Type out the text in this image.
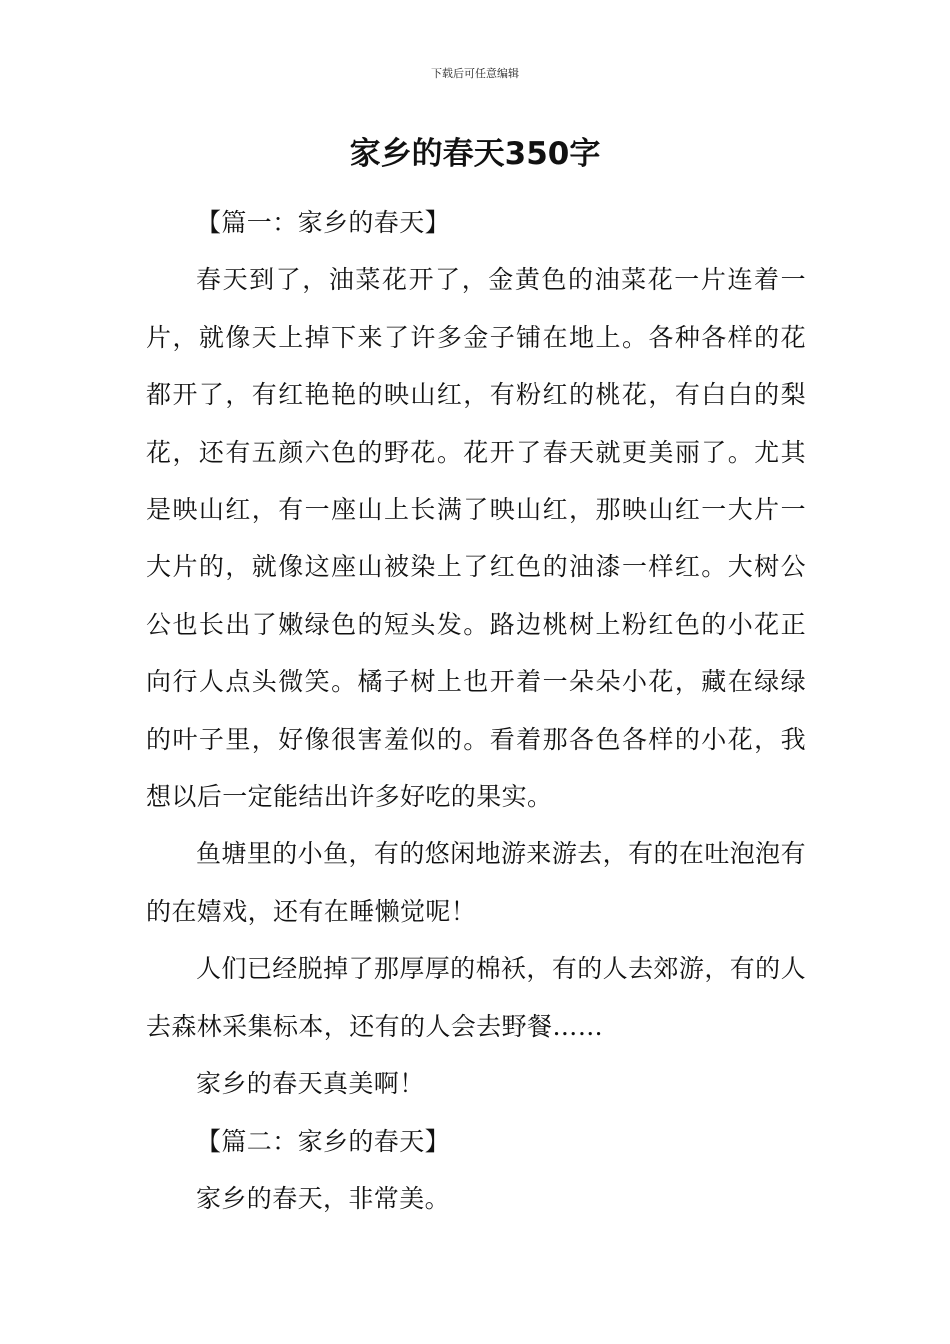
下载后可任意编辑
家乡的春天350字

【篇一：家乡的春天】

春天到了，油菜花开了，金黄色的油菜花一片连着一片，就像天上掉下来了许多金子铺在地上。各种各样的花都开了，有红艳艳的映山红，有粉红的桃花，有白白的梨花，还有五颜六色的野花。花开了春天就更美丽了。尤其是映山红，有一座山上长满了映山红，那映山红一大片一大片的，就像这座山被染上了红色的油漆一样红。大树公公也长出了嫩绿色的短头发。路边桃树上粉红色的小花正向行人点头微笑。橘子树上也开着一朵朵小花，藏在绿绿的叶子里，好像很害羞似的。看着那各色各样的小花，我想以后一定能结出许多好吃的果实。

鱼塘里的小鱼，有的悠闲地游来游去，有的在吐泡泡有的在嬉戏，还有在睡懒觉呢！

人们已经脱掉了那厚厚的棉袄，有的人去郊游，有的人去森林采集标本，还有的人会去野餐……

家乡的春天真美啊！

【篇二：家乡的春天】

家乡的春天，非常美。
